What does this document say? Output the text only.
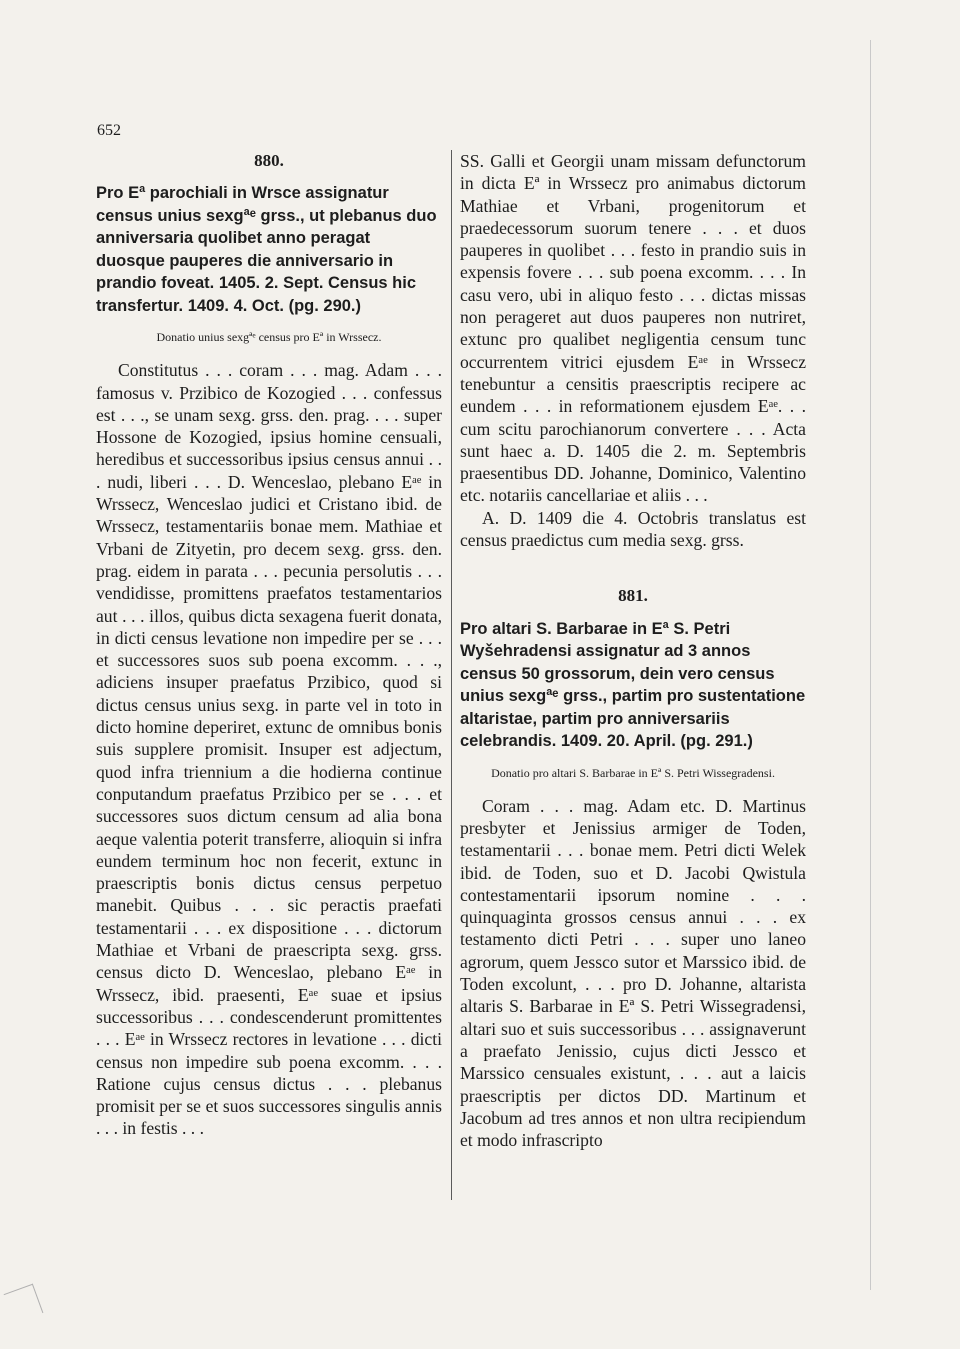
652
880.
Pro Eª parochiali in Wrsce assignatur census unius sexgªᵉ grss., ut plebanus duo anniversaria quolibet anno peragat duosque pauperes die anniversario in prandio foveat. 1405. 2. Sept. Census hic transfertur. 1409. 4. Oct. (pg. 290.)
Donatio unius sexgªᵉ census pro Eª in Wrssecz.

Constitutus . . . coram . . . mag. Adam . . . famosus v. Przibico de Kozogied . . . confessus est . . ., se unam sexg. grss. den. prag. . . . super Hossone de Kozogied, ipsius homine censuali, heredibus et successoribus ipsius census annui . . . nudi, liberi . . . D. Wenceslao, plebano Eᵃᵉ in Wrssecz, Wenceslao judici et Cristano ibid. de Wrssecz, testamentariis bonae mem. Mathiae et Vrbani de Zityetin, pro decem sexg. grss. den. prag. eidem in parata . . . pecunia persolutis . . . vendidisse, promittens praefatos testamentarios aut . . . illos, quibus dicta sexagena fuerit donata, in dicti census levatione non impedire per se . . . et successores suos sub poena excomm. . . ., adiciens insuper praefatus Przibico, quod si dictus census unius sexg. in parte vel in toto in dicto homine deperiret, extunc de omnibus bonis suis supplere promisit. Insuper est adjectum, quod infra triennium a die hodierna continue conputandum praefatus Przibico per se . . . et successores suos dictum censum ad alia bona aeque valentia poterit transferre, alioquin si infra eundem terminum hoc non fecerit, extunc in praescriptis bonis dictus census perpetuo manebit. Quibus . . . sic peractis praefati testamentarii . . . ex dispositione . . . dictorum Mathiae et Vrbani de praescripta sexg. grss. census dicto D. Wenceslao, plebano Eᵃᵉ in Wrssecz, ibid. praesenti, Eᵃᵉ suae et ipsius successoribus . . . condescenderunt promittentes . . . Eᵃᵉ in Wrssecz rectores in levatione . . . dicti census non impedire sub poena excomm. . . . Ratione cujus census dictus . . . plebanus promisit per se et suos successores singulis annis . . . in festis . . .

SS. Galli et Georgii unam missam defunctorum in dicta Eª in Wrssecz pro animabus dictorum Mathiae et Vrbani, progenitorum et praedecessorum suorum tenere . . . et duos pauperes in quolibet . . . festo in prandio suis in expensis fovere . . . sub poena excomm. . . . In casu vero, ubi in aliquo festo . . . dictas missas non perageret aut duos pauperes non nutriret, extunc pro qualibet negligentia censum tunc occurrentem vitrici ejusdem Eᵃᵉ in Wrssecz tenebuntur a censitis praescriptis recipere ac eundem . . . in reformationem ejusdem Eᵃᵉ. . . cum scitu parochianorum convertere . . . Acta sunt haec a. D. 1405 die 2. m. Septembris praesentibus DD. Johanne, Dominico, Valentino etc. notariis cancellariae et aliis . . .

A. D. 1409 die 4. Octobris translatus est census praedictus cum media sexg. grss.

881.
Pro altari S. Barbarae in Eª S. Petri Wyšehradensi assignatur ad 3 annos census 50 grossorum, dein vero census unius sexgªᵉ grss., partim pro sustentatione altaristae, partim pro anniversariis celebrandis. 1409. 20. April. (pg. 291.)
Donatio pro altari S. Barbarae in Eª S. Petri Wissegradensi.

Coram . . . mag. Adam etc. D. Martinus presbyter et Jenissius armiger de Toden, testamentarii . . . bonae mem. Petri dicti Welek ibid. de Toden, suo et D. Jacobi Qwistula contestamentarii ipsorum nomine . . . quinquaginta grossos census annui . . . ex testamento dicti Petri . . . super uno laneo agrorum, quem Jessco sutor et Marssico ibid. de Toden excolunt, . . . pro D. Johanne, altarista altaris S. Barbarae in Eª S. Petri Wissegradensi, altari suo et suis successoribus . . . assignaverunt a praefato Jenissio, cujus dicti Jessco et Marssico censuales existunt, . . . aut a laicis praescriptis per dictos DD. Martinum et Jacobum ad tres annos et non ultra recipiendum et modo infrascripto
